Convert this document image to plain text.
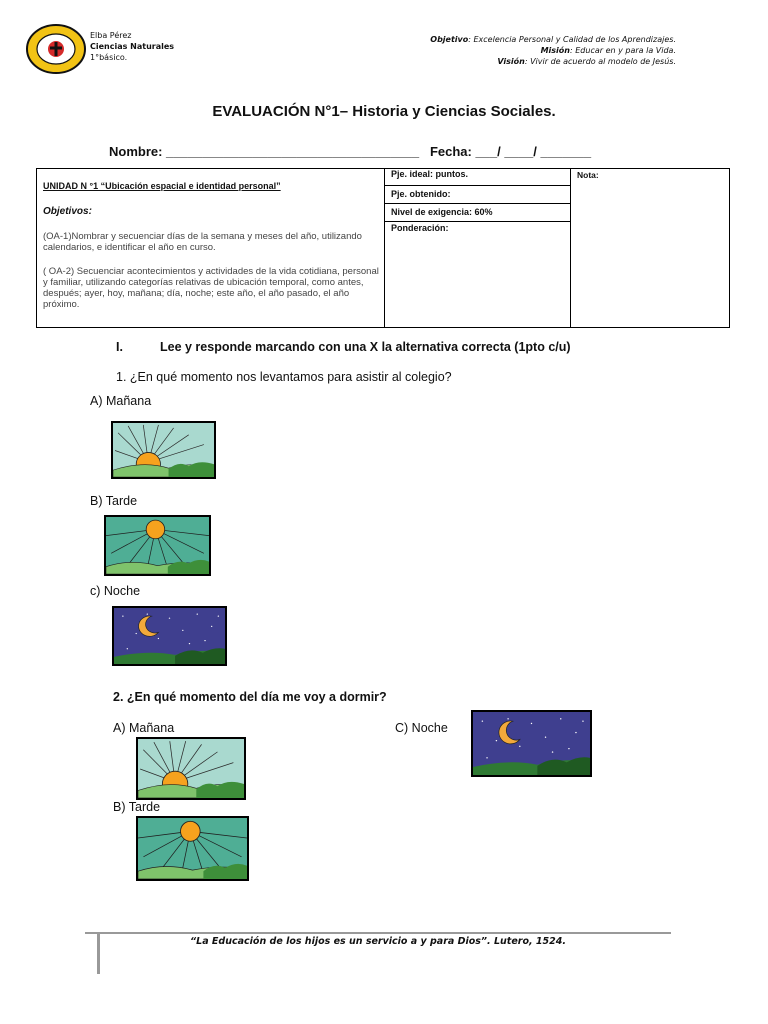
Elba Pérez
Ciencias Naturales
1°básico.
Objetivo: Excelencia Personal y Calidad de los Aprendizajes.
Misión: Educar en y para la Vida.
Visión: Vivir de acuerdo al modelo de Jesús.
EVALUACIÓN N°1– Historia y Ciencias Sociales.
Nombre: ___________________________________   Fecha: ___/ ____/ _______
UNIDAD N °1 “Ubicación espacial e identidad personal”
Objetivos:
(OA-1)Nombrar y secuenciar días de la semana y meses del año, utilizando calendarios, e identificar el año en curso.
( OA-2) Secuenciar acontecimientos y actividades de la vida cotidiana, personal y familiar, utilizando categorías relativas de ubicación temporal, como antes, después; ayer, hoy, mañana; día, noche; este año, el año pasado, el año próximo.
Pje. ideal: puntos.
Pje. obtenido:
Nivel de exigencia: 60%
Ponderación:
Nota:
I.	Lee y responde marcando con una X la alternativa correcta (1pto c/u)
1. ¿En qué momento nos levantamos para asistir al colegio?
A) Mañana
B) Tarde
c) Noche
2. ¿En qué momento del día me voy a dormir?
A) Mañana
B) Tarde
C) Noche
“La Educación de los hijos es un servicio a y para Dios”. Lutero, 1524.
